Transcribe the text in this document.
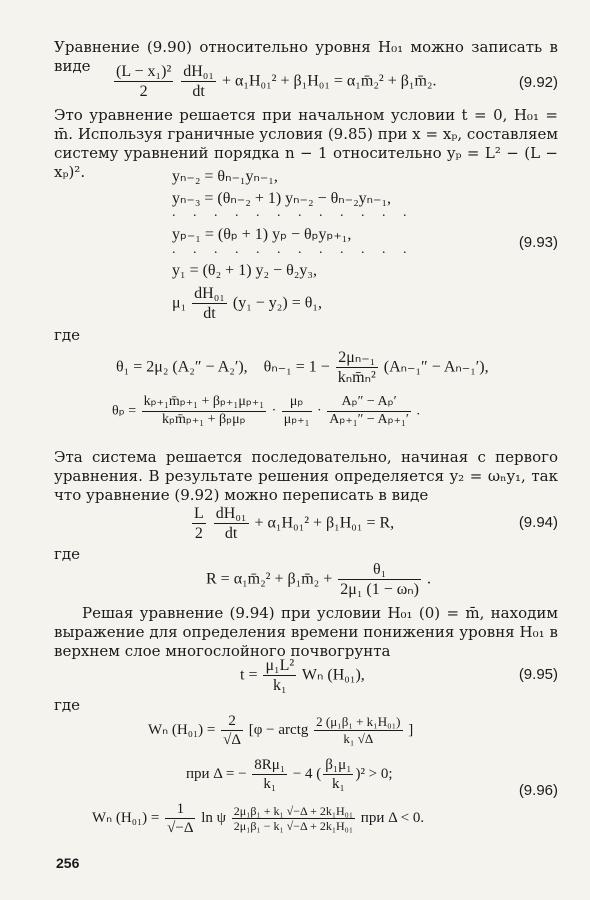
Уравнение (9.90) относительно уровня H₀₁ можно записать в виде	$\frac{\text{(L − x₁)²}}{2}$
$\frac{\text{dH₀₁}}{dt} + \alpha_1H_{01}^2 + \beta_1H_{01}$ = α₁m̄₂² + β₁m̄₂.	(9.92)
Это уравнение решается при начальном условии t = 0, H₀₁ = m̄. Используя граничные условия (9.85) при x = xₚ, составляем систему уравнений порядка n − 1 относительно yₚ = L² − (L − xₚ)².	yₙ₋₂ = θₙ₋₁yₙ₋₁,
yₙ₋₃ = (θₙ₋₂ + 1) yₙ₋₂ − θₙ₋₂yₙ₋₁,
. . . . . . . . . . . .
yₚ₋₁ = (θₚ + 1) yₚ − θₚyₚ₊₁,
. . . . . . . . . . . .
y₁ = (θ₂ + 1) y₂ − θ₂y₃,
$\mu_1 \frac{\text{dH₀₁}}{dt} (y_1 - y_2) = \theta_1$,
(9.93)
где
θ₁ = 2μ₂ (A₂″ − A₂′), $\theta_{n-1} = 1 - \frac{\text{2μₙ₋₁}}{\text{kₙm̄ₙ²}} (A_{n-1}'' - A_{n-1}')$,
$\theta_p = \frac{\text{kₚ₊₁m̄ₚ₊₁ + βₚ₊₁μₚ₊₁}}{\text{kₚm̄ₚ₊₁ + βₚμₚ}} \cdot \frac{\text{μₚ}}{\text{μₚ₊₁}} \cdot \frac{\text{Aₚ″ − Aₚ′}}{\text{Aₚ₊₁″ − Aₚ₊₁′}}$ .
Эта система решается последовательно, начиная с первого уравнения. В результате решения определяется y₂ = ωₙy₁, так что уравнение (9.92) можно переписать в виде
$\frac{L}{2}$
$\frac{\text{dH₀₁}}{dt} + \alpha_1H_{01}^2 + \beta_1H_{01} = R$,	(9.94)
где
R = α₁m̄₂² + β₁m̄₂ + $\frac{\text{θ₁}}{\text{2μ₁ (1 − ωₙ)}}$ .
Решая уравнение (9.94) при условии H₀₁ (0) = m̄, находим выражение для определения времени понижения уровня H₀₁ в верхнем слое многослойного почвогрунта
$t = \frac{\text{μ₁L²}}{\text{k₁}}$ Wₙ (H₀₁),	(9.95)
где
Wₙ $(H_{01}) = \frac{2}{√\Delta} [\varphi$ − arctg $\frac{\text{2 (μ₁β₁ + k₁H₀₁)}}{\text{k₁ √Δ}}$ ]
при Δ = − $\frac{\text{8Rμ₁}}{\text{k₁}} - 4$ ( $\frac{\text{β₁μ₁}}{\text{k₁}} )^2 > 0$;
(9.96)
Wₙ $(H_{01}) = \frac{1}{√-\Delta}$ ln ψ $\frac{\text{2μ₁β₁ + k₁ √−Δ + 2k₁H₀₁}}{\text{2μ₁β₁ − k₁ √−Δ + 2k₁H₀₁}}$ при Δ < 0.
256
